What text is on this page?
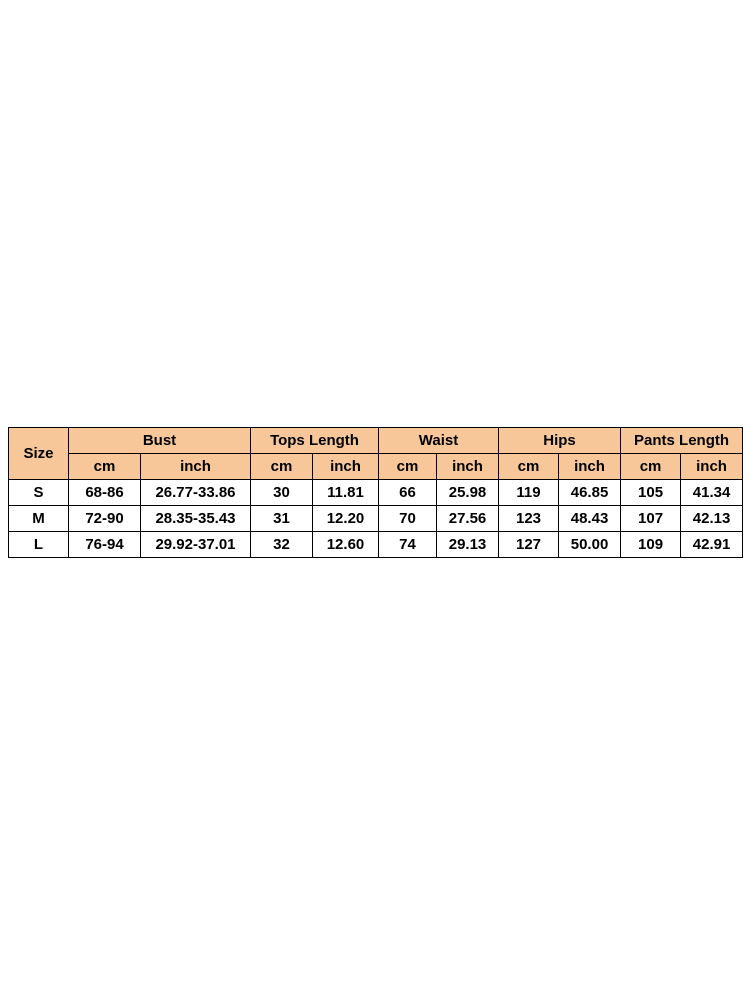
Size	Bust		Tops Length		Waist		Hips		Pants Length	
	cm	inch	cm	inch	cm	inch	cm	inch	cm	inch
S	68-86	26.77-33.86	30	11.81	66	25.98	119	46.85	105	41.34
M	72-90	28.35-35.43	31	12.20	70	27.56	123	48.43	107	42.13
L	76-94	29.92-37.01	32	12.60	74	29.13	127	50.00	109	42.91
